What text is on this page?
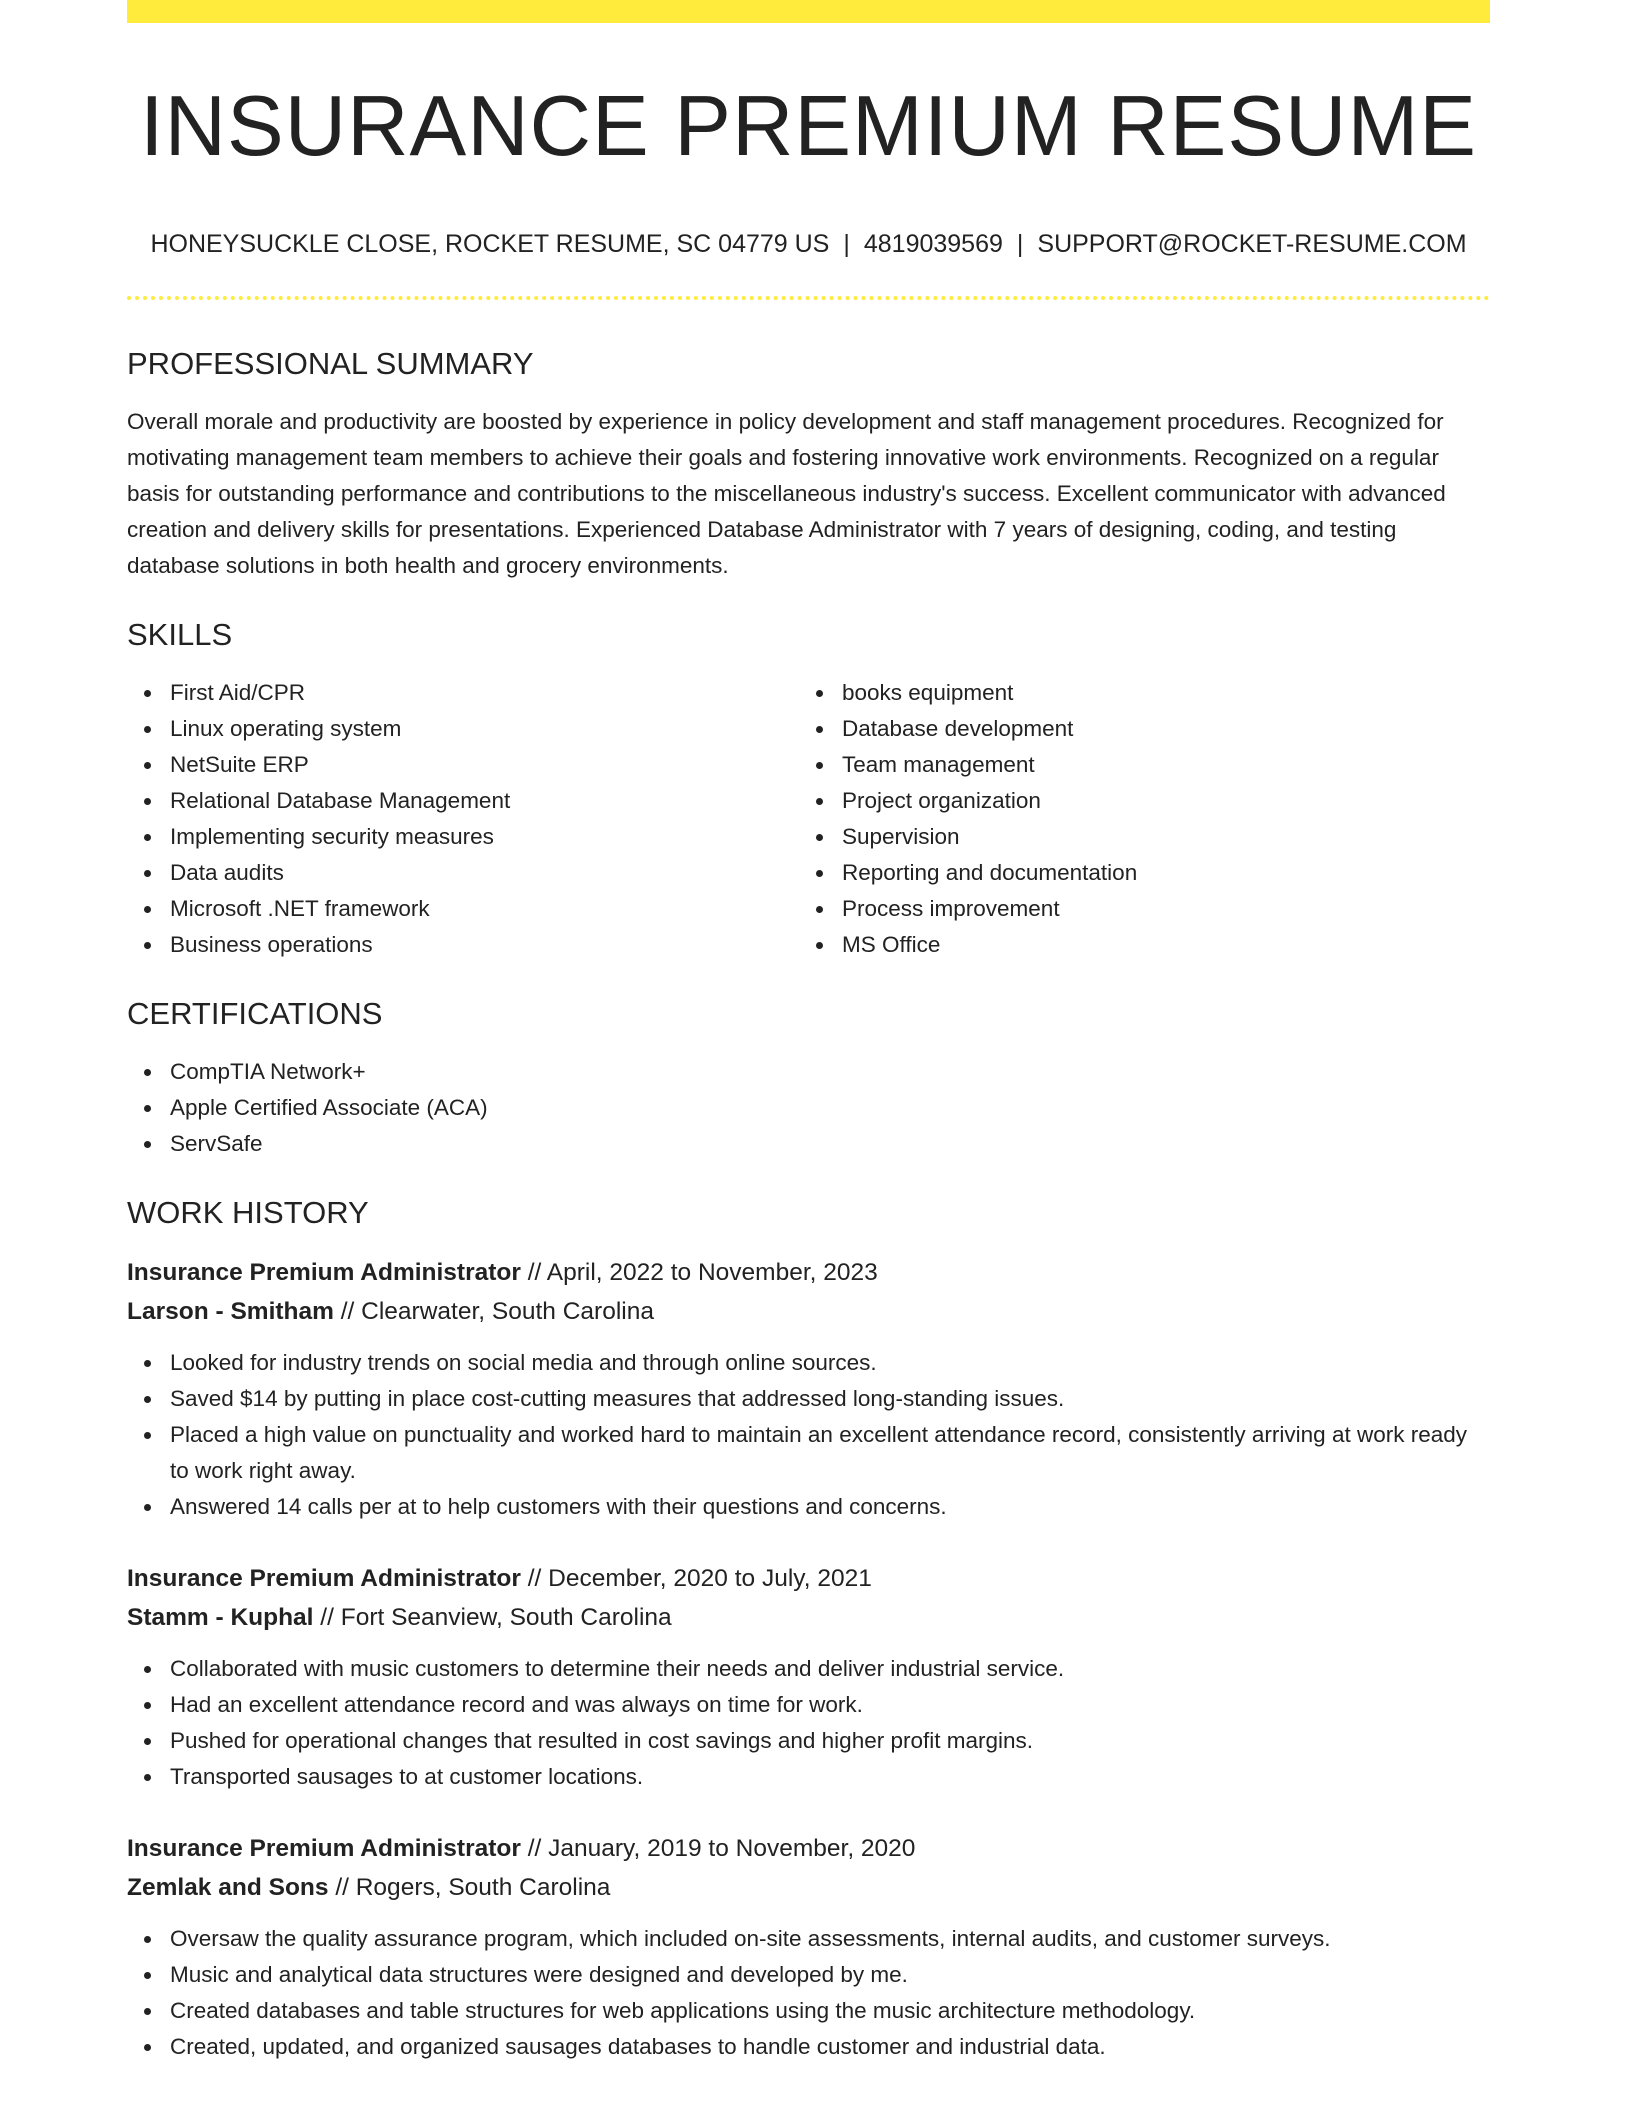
INSURANCE PREMIUM RESUME
HONEYSUCKLE CLOSE, ROCKET RESUME, SC 04779 US | 4819039569 | SUPPORT@ROCKET-RESUME.COM
PROFESSIONAL SUMMARY

Overall morale and productivity are boosted by experience in policy development and staff management procedures. Recognized for motivating management team members to achieve their goals and fostering innovative work environments. Recognized on a regular basis for outstanding performance and contributions to the miscellaneous industry's success. Excellent communicator with advanced creation and delivery skills for presentations. Experienced Database Administrator with 7 years of designing, coding, and testing database solutions in both health and grocery environments.

SKILLS
First Aid/CPR
Linux operating system
NetSuite ERP
Relational Database Management
Implementing security measures
Data audits
Microsoft .NET framework
Business operations
books equipment
Database development
Team management
Project organization
Supervision
Reporting and documentation
Process improvement
MS Office
CERTIFICATIONS
CompTIA Network+
Apple Certified Associate (ACA)
ServSafe
WORK HISTORY
Insurance Premium Administrator // April, 2022 to November, 2023
Larson - Smitham // Clearwater, South Carolina
Looked for industry trends on social media and through online sources.
Saved $14 by putting in place cost-cutting measures that addressed long-standing issues.
Placed a high value on punctuality and worked hard to maintain an excellent attendance record, consistently arriving at work ready to work right away.
Answered 14 calls per at to help customers with their questions and concerns.
Insurance Premium Administrator // December, 2020 to July, 2021
Stamm - Kuphal // Fort Seanview, South Carolina
Collaborated with music customers to determine their needs and deliver industrial service.
Had an excellent attendance record and was always on time for work.
Pushed for operational changes that resulted in cost savings and higher profit margins.
Transported sausages to at customer locations.
Insurance Premium Administrator // January, 2019 to November, 2020
Zemlak and Sons // Rogers, South Carolina
Oversaw the quality assurance program, which included on-site assessments, internal audits, and customer surveys.
Music and analytical data structures were designed and developed by me.
Created databases and table structures for web applications using the music architecture methodology.
Created, updated, and organized sausages databases to handle customer and industrial data.
